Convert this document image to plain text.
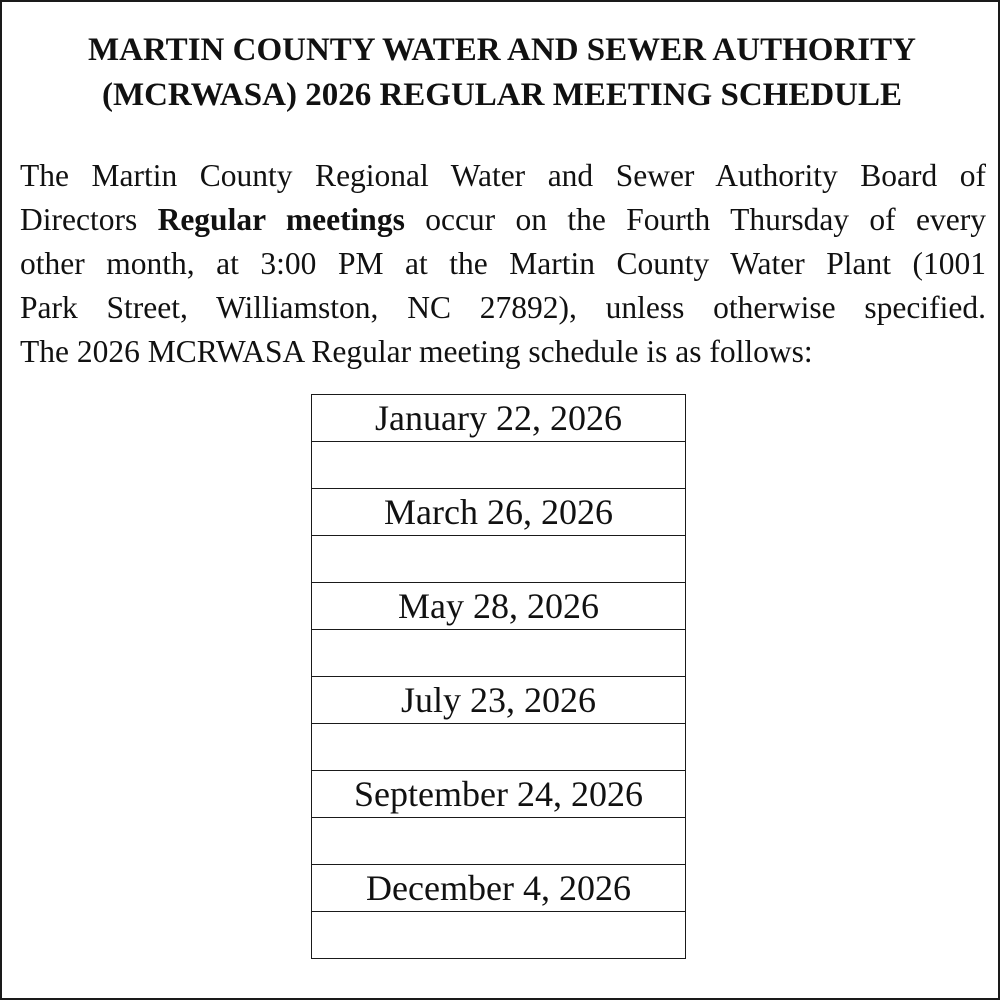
MARTIN COUNTY WATER AND SEWER AUTHORITY
(MCRWASA) 2026 REGULAR MEETING SCHEDULE

The Martin County Regional Water and Sewer Authority Board of
Directors Regular meetings occur on the Fourth Thursday of every
other month, at 3:00 PM at the Martin County Water Plant (1001
Park Street, Williamston, NC 27892), unless otherwise specified.
The 2026 MCRWASA Regular meeting schedule is as follows:

January 22, 2026

March 26, 2026

May 28, 2026

July 23, 2026

September 24, 2026

December 4, 2026
